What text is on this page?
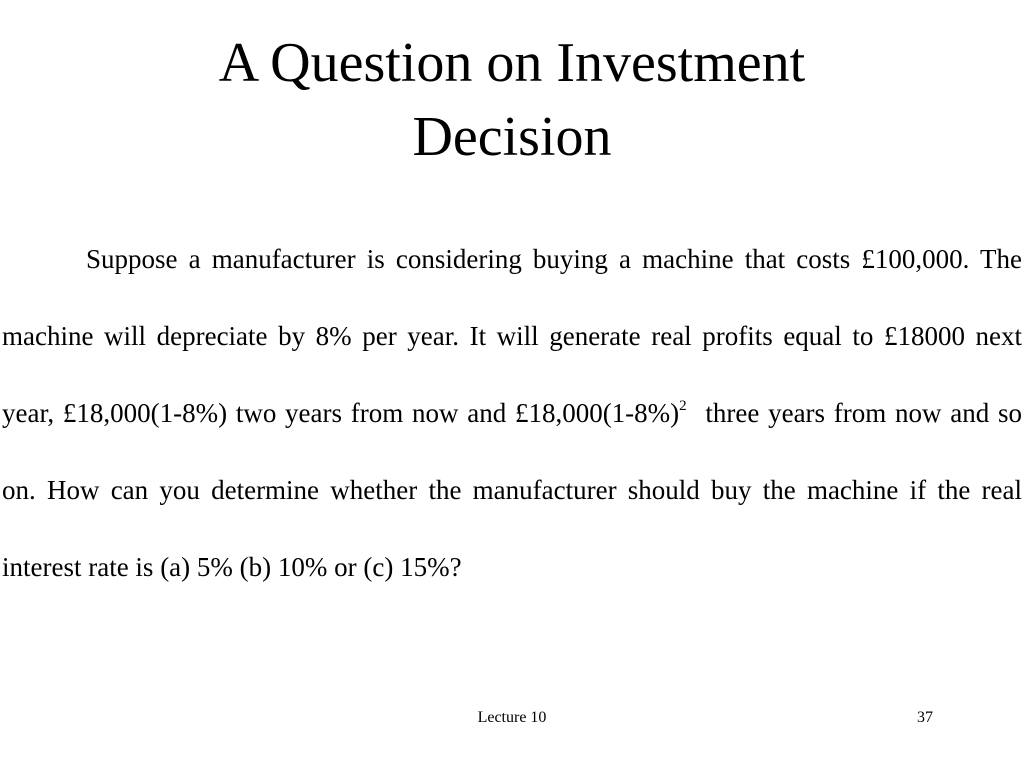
A Question on Investment
Decision

Suppose a manufacturer is considering buying a machine that costs £100,000. The machine will depreciate by 8% per year. It will generate real profits equal to £18000 next year, £18,000(1-8%) two years from now and $£18,000(1-8\%)^2$ three years from now and so on. How can you determine whether the manufacturer should buy the machine if the real interest rate is (a) 5% (b) 10% or (c) 15%?

Lecture 10	37
